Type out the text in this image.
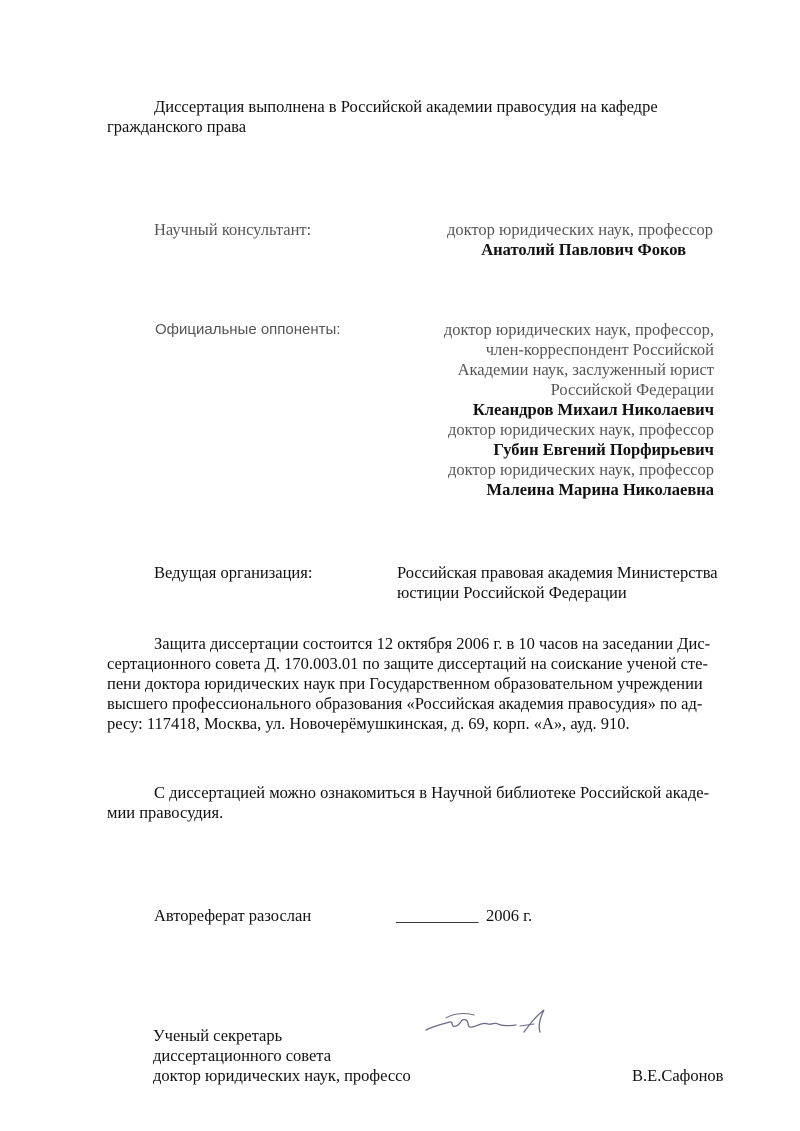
Диссертация выполнена в Российской академии правосудия на кафедре
гражданского права
Научный консультант:	доктор юридических наук, профессор
Анатолий Павлович Фоков
Официальные оппоненты:	доктор юридических наук, профессор,
член-корреспондент Российской
Академии наук, заслуженный юрист
Российской Федерации
Клеандров Михаил Николаевич
доктор юридических наук, профессор
Губин Евгений Порфирьевич
доктор юридических наук, профессор
Малеина Марина Николаевна
Ведущая организация:	Российская правовая академия Министерства
юстиции Российской Федерации
Защита диссертации состоится 12 октября 2006 г. в 10 часов на заседании Дис-
сертационного совета Д. 170.003.01 по защите диссертаций на соискание ученой сте-
пени доктора юридических наук при Государственном образовательном учреждении
высшего профессионального образования «Российская академия правосудия» по ад-
ресу: 117418, Москва, ул. Новочерёмушкинская, д. 69, корп. «А», ауд. 910.
С диссертацией можно ознакомиться в Научной библиотеке Российской акаде-
мии правосудия.
Автореферат разослан	__________ 2006 г.
Ученый секретарь
диссертационного совета
доктор юридических наук, профессо	В.Е.Сафонов
